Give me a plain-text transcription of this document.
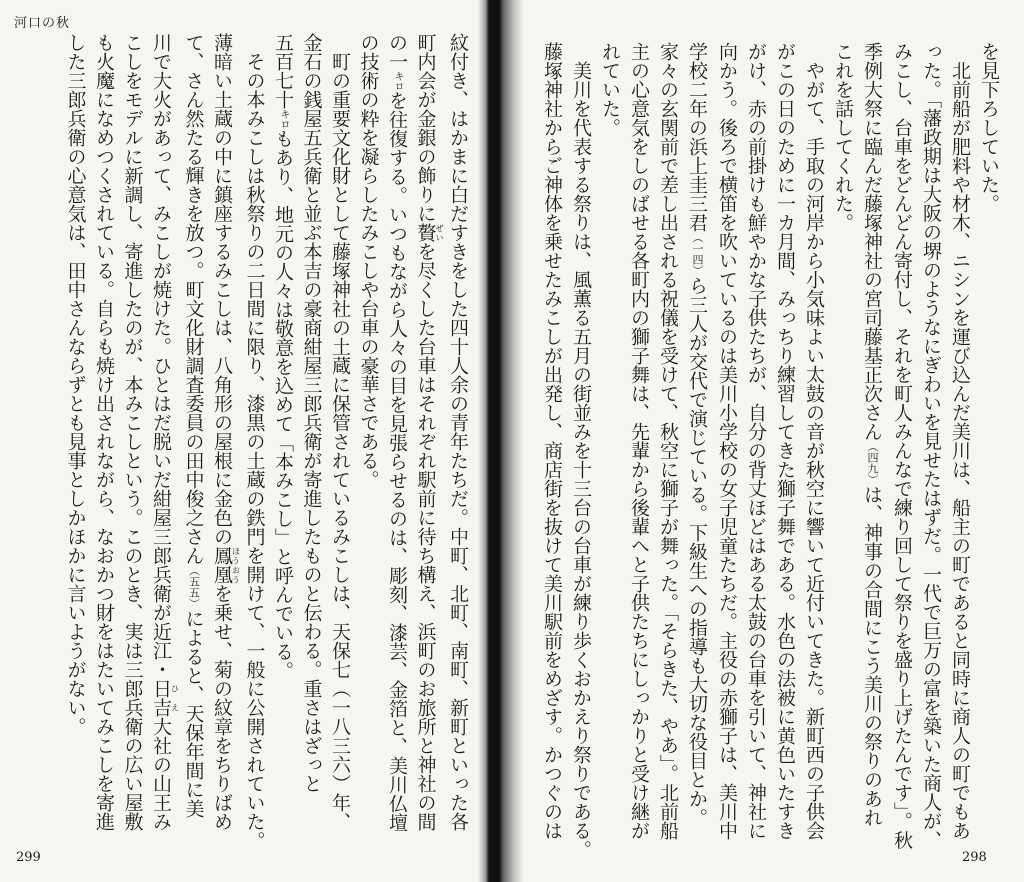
河口の秋
を見下ろしていた。
北前船が肥料や材木、ニシンを運び込んだ美川は、船主の町であると同時に商人の町でもあ
った。「藩政期は大阪の堺のようなにぎわいを見せたはずだ。一代で巨万の富を築いた商人が、
みこし、台車をどんどん寄付し、それを町人みんなで練り回して祭りを盛り上げたんです」。秋
季例大祭に臨んだ藤塚神社の宮司藤基正次さん（四九）は、神事の合間にこう美川の祭りのあれ
これを話してくれた。
やがて、手取の河岸から小気味よい太鼓の音が秋空に響いて近付いてきた。新町西の子供会
がこの日のために一カ月間、みっちり練習してきた獅子舞である。水色の法被に黄色いたすき
がけ、赤の前掛けも鮮やかな子供たちが、自分の背丈ほどはある太鼓の台車を引いて、神社に
向かう。後ろで横笛を吹いているのは美川小学校の女子児童たちだ。主役の赤獅子は、美川中
学校二年の浜上圭三君（一四）ら三人が交代で演じている。下級生への指導も大切な役目とか。
家々の玄関前で差し出される祝儀を受けて、秋空に獅子が舞った。「そらきた、やあ」。北前船
主の心意気をしのばせる各町内の獅子舞は、先輩から後輩へと子供たちにしっかりと受け継が
れていた。
美川を代表する祭りは、風薫る五月の街並みを十三台の台車が練り歩くおかえり祭りである。
藤塚神社からご神体を乗せたみこしが出発し、商店街を抜けて美川駅前をめざす。かつぐのは
紋付き、はかまに白だすきをした四十人余の青年たちだ。中町、北町、南町、新町といった各
町内会が金銀の飾りに贅ぜいを尽くした台車はそれぞれ駅前に待ち構え、浜町のお旅所と神社の間
の一キロを往復する。いつもながら人々の目を見張らせるのは、彫刻、漆芸、金箔と、美川仏壇
の技術の粋を凝らしたみこしや台車の豪華さである。
町の重要文化財として藤塚神社の土蔵に保管されているみこしは、天保七（一八三六）年、
金石の銭屋五兵衛と並ぶ本吉の豪商紺屋三郎兵衛が寄進したものと伝わる。重さはざっと
五百七十キロもあり、地元の人々は敬意を込めて「本みこし」と呼んでいる。
その本みこしは秋祭りの二日間に限り、漆黒の土蔵の鉄門を開けて、一般に公開されていた。
薄暗い土蔵の中に鎮座するみこしは、八角形の屋根に金色の鳳凰ほうおうを乗せ、菊の紋章をちりばめ
て、さん然たる輝きを放つ。町文化財調査委員の田中俊之さん（五五）によると、天保年間に美
川で大火があって、みこしが焼けた。ひとはだ脱いだ紺屋三郎兵衛が近江・日吉ひえ大社の山王み
こしをモデルに新調し、寄進したのが、本みこしという。このとき、実は三郎兵衛の広い屋敷
も火魔になめつくされている。自らも焼け出されながら、なおかつ財をはたいてみこしを寄進
した三郎兵衛の心意気は、田中さんならずとも見事としかほかに言いようがない。
299	298
